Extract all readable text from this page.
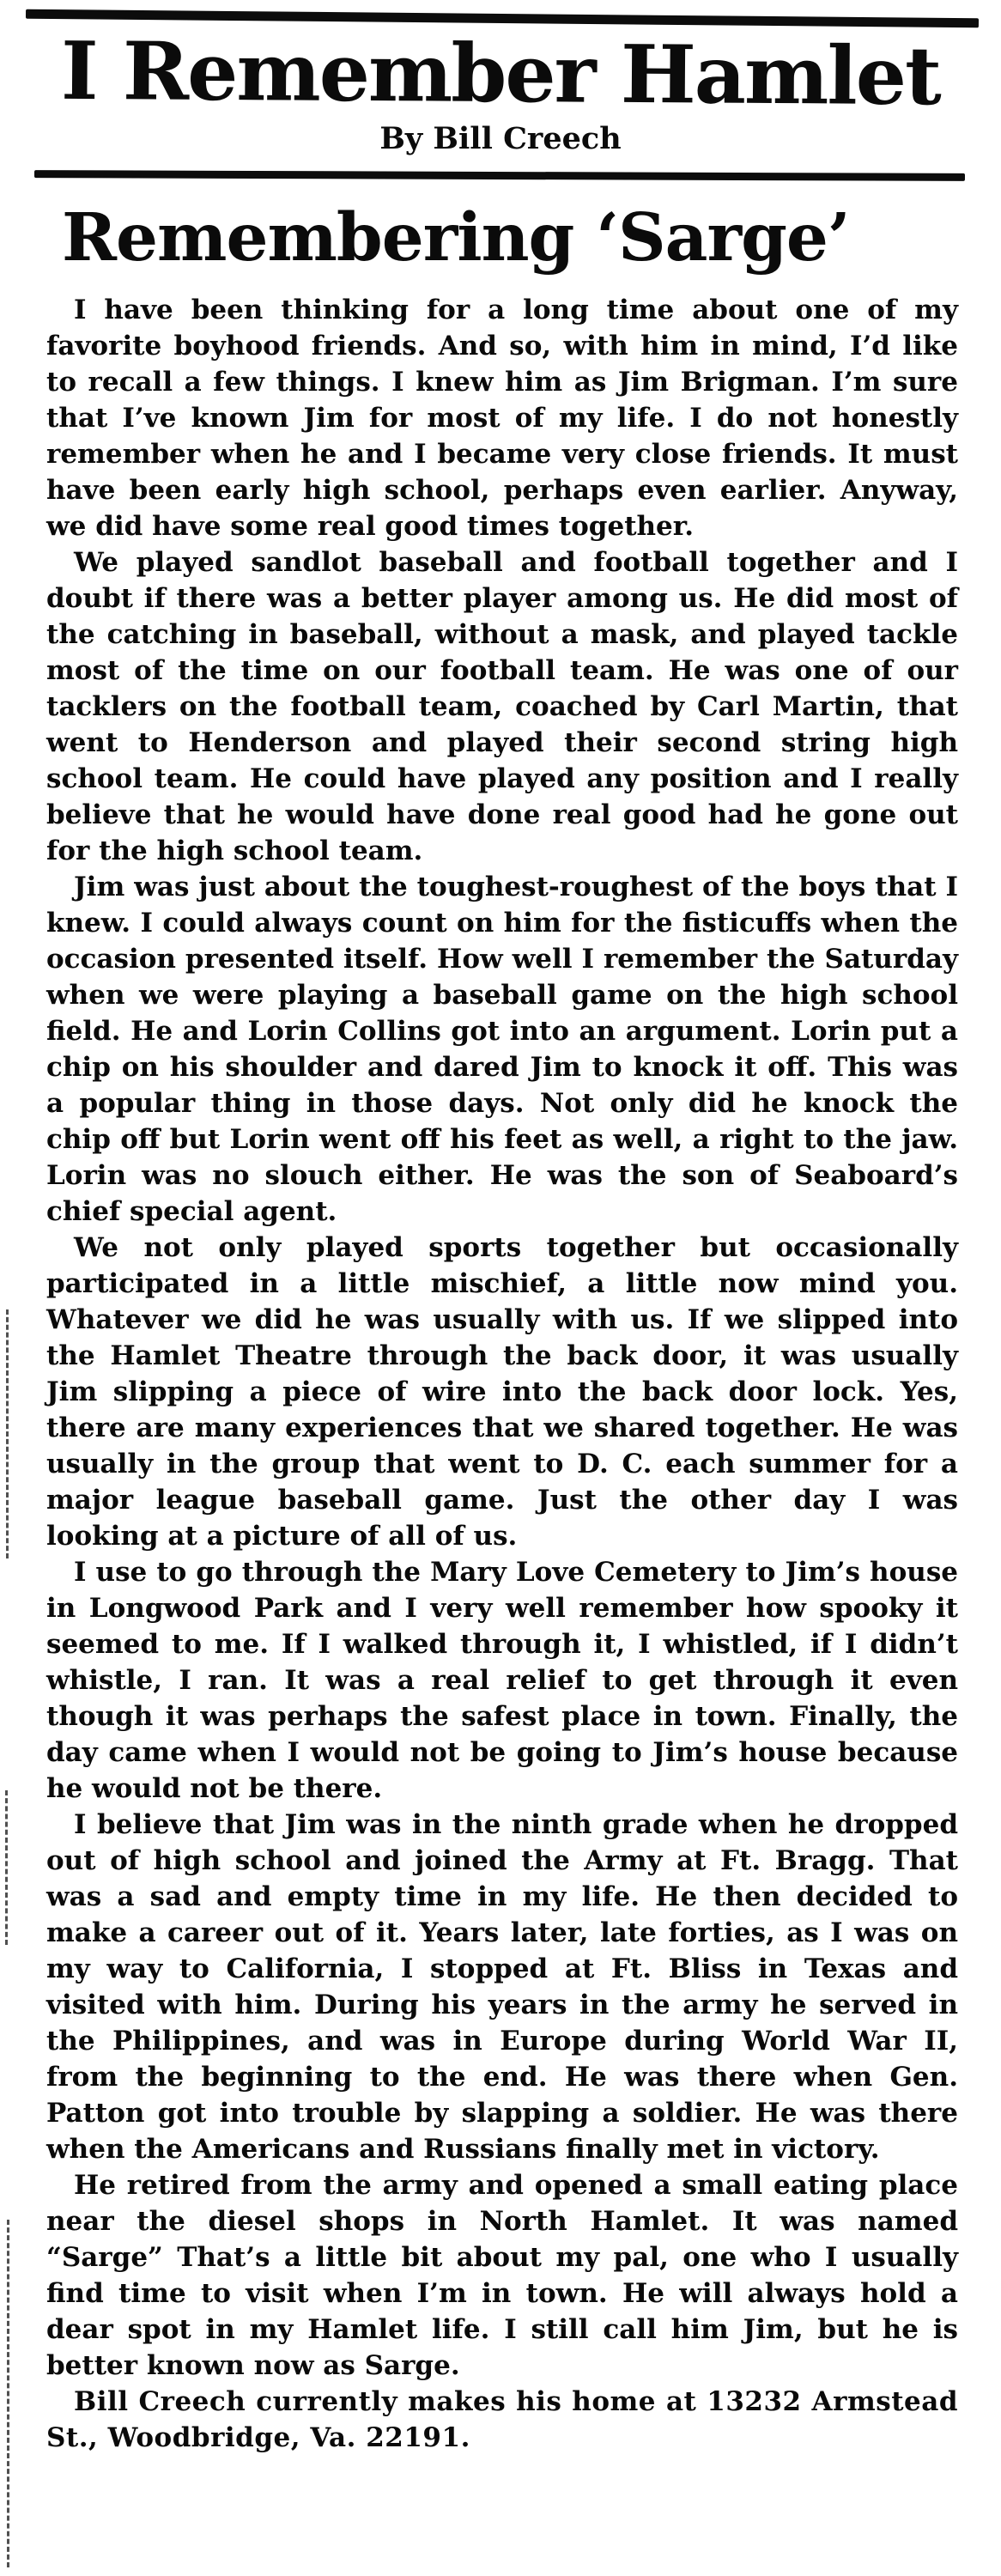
I Remember Hamlet
By Bill Creech
Remembering ‘Sarge’

I have been thinking for a long time about one of my favorite boyhood friends. And so, with him in mind, I’d like to recall a few things. I knew him as Jim Brigman. I’m sure that I’ve known Jim for most of my life. I do not honestly remember when he and I became very close friends. It must have been early high school, perhaps even earlier. Anyway, we did have some real good times together.

We played sandlot baseball and football together and I doubt if there was a better player among us. He did most of the catching in baseball, without a mask, and played tackle most of the time on our football team. He was one of our tacklers on the football team, coached by Carl Martin, that went to Henderson and played their second string high school team. He could have played any position and I really believe that he would have done real good had he gone out for the high school team.

Jim was just about the toughest-roughest of the boys that I knew. I could always count on him for the fisticuffs when the occasion presented itself. How well I remember the Saturday when we were playing a baseball game on the high school field. He and Lorin Collins got into an argument. Lorin put a chip on his shoulder and dared Jim to knock it off. This was a popular thing in those days. Not only did he knock the chip off but Lorin went off his feet as well, a right to the jaw. Lorin was no slouch either. He was the son of Seaboard’s chief special agent.

We not only played sports together but occasionally participated in a little mischief, a little now mind you. Whatever we did he was usually with us. If we slipped into the Hamlet Theatre through the back door, it was usually Jim slipping a piece of wire into the back door lock. Yes, there are many experiences that we shared together. He was usually in the group that went to D. C. each summer for a major league baseball game. Just the other day I was looking at a picture of all of us.

I use to go through the Mary Love Cemetery to Jim’s house in Longwood Park and I very well remember how spooky it seemed to me. If I walked through it, I whistled, if I didn’t whistle, I ran. It was a real relief to get through it even though it was perhaps the safest place in town. Finally, the day came when I would not be going to Jim’s house because he would not be there.

I believe that Jim was in the ninth grade when he dropped out of high school and joined the Army at Ft. Bragg. That was a sad and empty time in my life. He then decided to make a career out of it. Years later, late forties, as I was on my way to California, I stopped at Ft. Bliss in Texas and visited with him. During his years in the army he served in the Philippines, and was in Europe during World War II, from the beginning to the end. He was there when Gen. Patton got into trouble by slapping a soldier. He was there when the Americans and Russians finally met in victory.

He retired from the army and opened a small eating place near the diesel shops in North Hamlet. It was named “Sarge” That’s a little bit about my pal, one who I usually find time to visit when I’m in town. He will always hold a dear spot in my Hamlet life. I still call him Jim, but he is better known now as Sarge.

Bill Creech currently makes his home at 13232 Armstead St., Woodbridge, Va. 22191.
